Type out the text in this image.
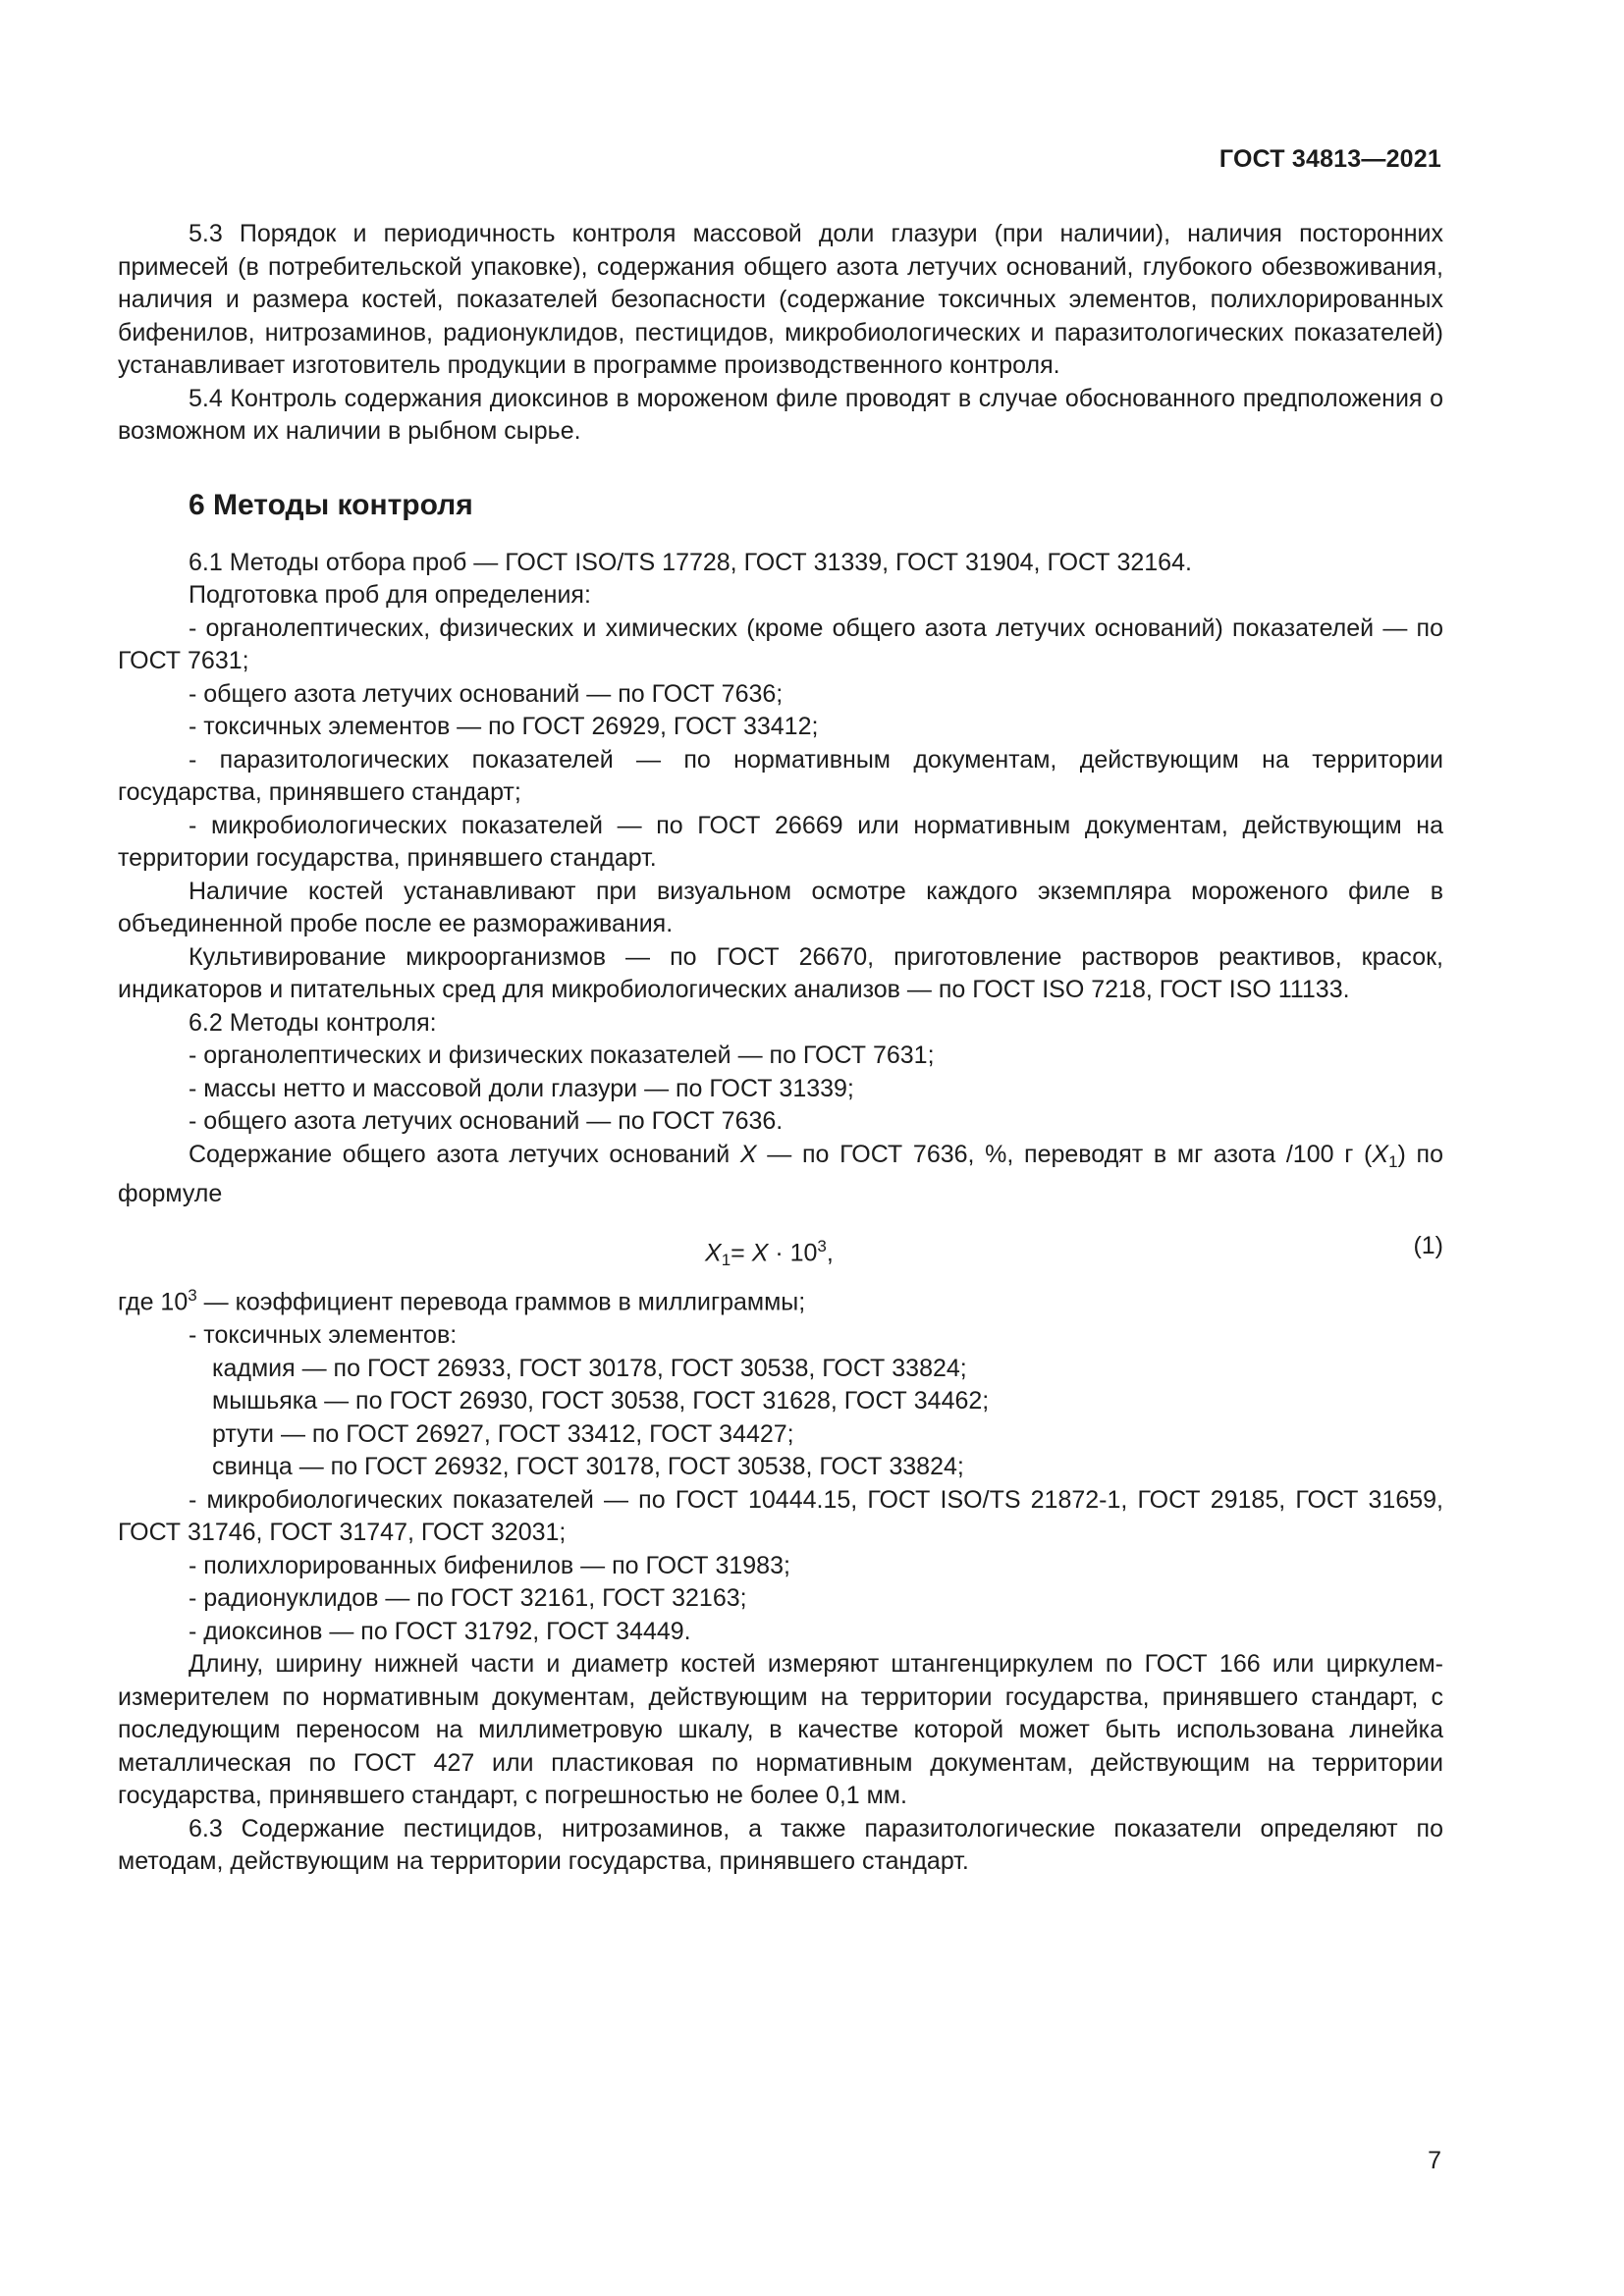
ГОСТ 34813—2021

5.3 Порядок и периодичность контроля массовой доли глазури (при наличии), наличия посторонних примесей (в потребительской упаковке), содержания общего азота летучих оснований, глубокого обезвоживания, наличия и размера костей, показателей безопасности (содержание токсичных элементов, полихлорированных бифенилов, нитрозаминов, радионуклидов, пестицидов, микробиологических и паразитологических показателей) устанавливает изготовитель продукции в программе производственного контроля.

5.4 Контроль содержания диоксинов в мороженом филе проводят в случае обоснованного предположения о возможном их наличии в рыбном сырье.

6 Методы контроля

6.1 Методы отбора проб — ГОСТ ISO/TS 17728, ГОСТ 31339, ГОСТ 31904, ГОСТ 32164.

Подготовка проб для определения:

- органолептических, физических и химических (кроме общего азота летучих оснований) показателей — по ГОСТ 7631;

- общего азота летучих оснований — по ГОСТ 7636;

- токсичных элементов — по ГОСТ 26929, ГОСТ 33412;

- паразитологических показателей — по нормативным документам, действующим на территории государства, принявшего стандарт;

- микробиологических показателей — по ГОСТ 26669 или нормативным документам, действующим на территории государства, принявшего стандарт.

Наличие костей устанавливают при визуальном осмотре каждого экземпляра мороженого филе в объединенной пробе после ее размораживания.

Культивирование микроорганизмов — по ГОСТ 26670, приготовление растворов реактивов, красок, индикаторов и питательных сред для микробиологических анализов — по ГОСТ ISO 7218, ГОСТ ISO 11133.

6.2 Методы контроля:

- органолептических и физических показателей — по ГОСТ 7631;

- массы нетто и массовой доли глазури — по ГОСТ 31339;

- общего азота летучих оснований — по ГОСТ 7636.

Содержание общего азота летучих оснований X — по ГОСТ 7636, %, переводят в мг азота /100 г $(X_1)$ по формуле

$X_1= X \cdot 10^3$,	(1)

где $10^3$ — коэффициент перевода граммов в миллиграммы;

- токсичных элементов:

кадмия — по ГОСТ 26933, ГОСТ 30178, ГОСТ 30538, ГОСТ 33824;

мышьяка — по ГОСТ 26930, ГОСТ 30538, ГОСТ 31628, ГОСТ 34462;

ртути — по ГОСТ 26927, ГОСТ 33412, ГОСТ 34427;

свинца — по ГОСТ 26932, ГОСТ 30178, ГОСТ 30538, ГОСТ 33824;

- микробиологических показателей — по ГОСТ 10444.15, ГОСТ ISO/TS 21872-1, ГОСТ 29185, ГОСТ 31659, ГОСТ 31746, ГОСТ 31747, ГОСТ 32031;

- полихлорированных бифенилов — по ГОСТ 31983;

- радионуклидов — по ГОСТ 32161, ГОСТ 32163;

- диоксинов — по ГОСТ 31792, ГОСТ 34449.

Длину, ширину нижней части и диаметр костей измеряют штангенциркулем по ГОСТ 166 или циркулем-измерителем по нормативным документам, действующим на территории государства, принявшего стандарт, с последующим переносом на миллиметровую шкалу, в качестве которой может быть использована линейка металлическая по ГОСТ 427 или пластиковая по нормативным документам, действующим на территории государства, принявшего стандарт, с погрешностью не более 0,1 мм.

6.3 Содержание пестицидов, нитрозаминов, а также паразитологические показатели определяют по методам, действующим на территории государства, принявшего стандарт.

7
